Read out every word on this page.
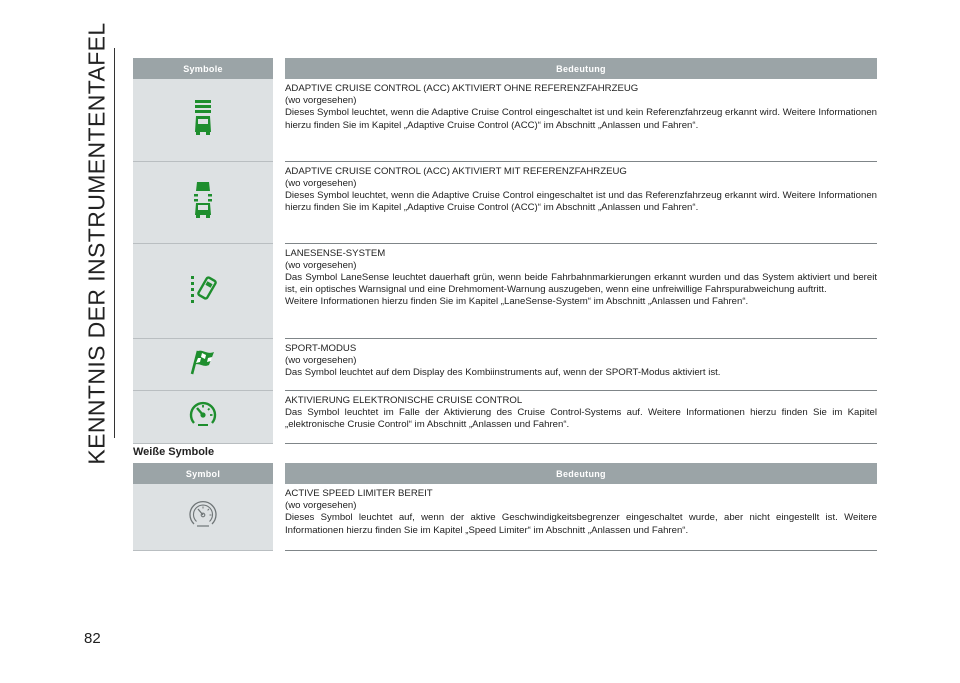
KENNTNIS DER INSTRUMENTENTAFEL	Symbole	Bedeutung

ADAPTIVE CRUISE CONTROL (ACC) AKTIVIERT OHNE REFERENZFAHRZEUG
(wo vorgesehen)
Dieses Symbol leuchtet, wenn die Adaptive Cruise Control eingeschaltet ist und kein Referenzfahrzeug erkannt wird. Weitere Informationen hierzu finden Sie im Kapitel „Adaptive Cruise Control (ACC)“ im Abschnitt „Anlassen und Fahren“.

ADAPTIVE CRUISE CONTROL (ACC) AKTIVIERT MIT REFERENZFAHRZEUG
(wo vorgesehen)
Dieses Symbol leuchtet, wenn die Adaptive Cruise Control eingeschaltet ist und das Referenzfahrzeug erkannt wird. Weitere Informationen hierzu finden Sie im Kapitel „Adaptive Cruise Control (ACC)“ im Abschnitt „Anlassen und Fahren“.

LANESENSE-SYSTEM
(wo vorgesehen)
Das Symbol LaneSense leuchtet dauerhaft grün, wenn beide Fahrbahnmarkierungen erkannt wurden und das System aktiviert und bereit ist, ein optisches Warnsignal und eine Drehmoment-Warnung auszugeben, wenn eine unfreiwillige Fahrspurabweichung auftritt.
Weitere Informationen hierzu finden Sie im Kapitel „LaneSense-System“ im Abschnitt „Anlassen und Fahren“.

SPORT-MODUS
(wo vorgesehen)
Das Symbol leuchtet auf dem Display des Kombiinstruments auf, wenn der SPORT-Modus aktiviert ist.

AKTIVIERUNG ELEKTRONISCHE CRUISE CONTROL
Das Symbol leuchtet im Falle der Aktivierung des Cruise Control-Systems auf. Weitere Informationen hierzu finden Sie im Kapitel „elektronische Crusie Control“ im Abschnitt „Anlassen und Fahren“.
Weiße Symbole
Symbol	Bedeutung

ACTIVE SPEED LIMITER BEREIT
(wo vorgesehen)
Dieses Symbol leuchtet auf, wenn der aktive Geschwindigkeitsbegrenzer eingeschaltet wurde, aber nicht eingestellt ist. Weitere Informationen hierzu finden Sie im Kapitel „Speed Limiter“ im Abschnitt „Anlassen und Fahren“.
82
